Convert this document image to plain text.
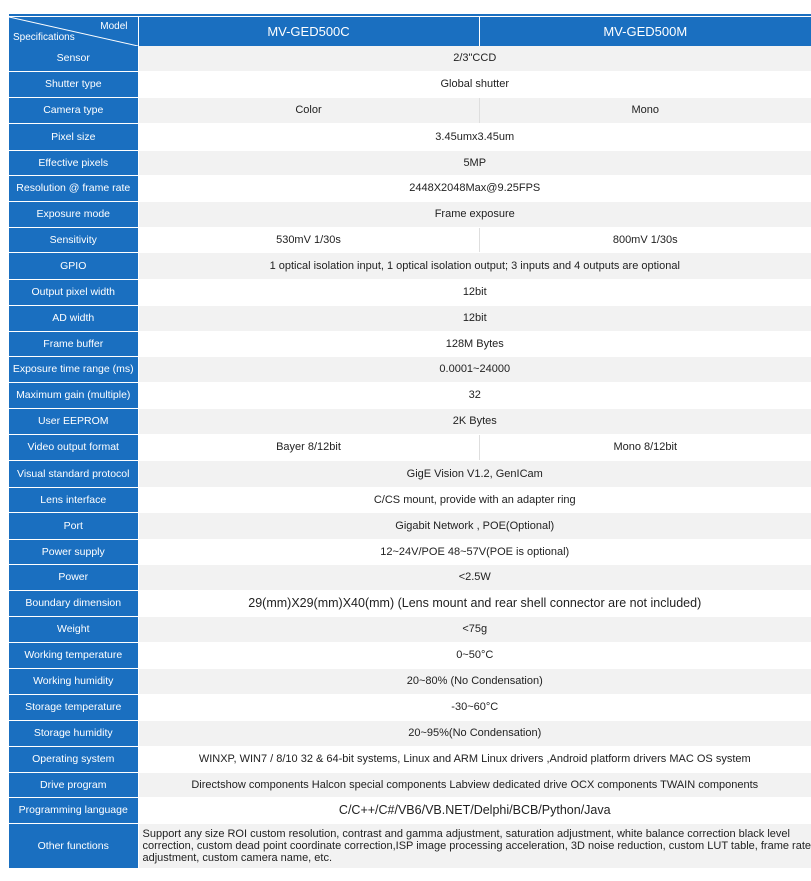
Model
Specifications	MV-GED500C	MV-GED500M
Sensor	2/3"CCD	
Shutter type	Global shutter	
Camera type	Color	Mono
Pixel size	3.45umx3.45um	
Effective pixels	5MP	
Resolution @ frame rate	2448X2048Max@9.25FPS	
Exposure mode	Frame exposure	
Sensitivity	530mV 1/30s	800mV 1/30s
GPIO	1 optical isolation input, 1 optical isolation output; 3 inputs and 4 outputs are optional	
Output pixel width	12bit	
AD width	12bit	
Frame buffer	128M Bytes	
Exposure time range (ms)	0.0001~24000	
Maximum gain (multiple)	32	
User EEPROM	2K Bytes	
Video output format	Bayer 8/12bit	Mono 8/12bit
Visual standard protocol	GigE Vision V1.2, GenICam	
Lens interface	C/CS mount, provide with an adapter ring	
Port	Gigabit Network , POE(Optional)	
Power supply	12~24V/POE 48~57V(POE is optional)	
Power	<2.5W	
Boundary dimension	29(mm)X29(mm)X40(mm) (Lens mount and rear shell connector are not included)	
Weight	<75g	
Working temperature	0~50°C	
Working humidity	20~80% (No Condensation)	
Storage temperature	-30~60°C	
Storage humidity	20~95%(No Condensation)	
Operating system	WINXP, WIN7 / 8/10 32 & 64-bit systems, Linux and ARM Linux drivers ,Android platform drivers MAC OS system	
Drive program	Directshow components Halcon special components Labview dedicated drive OCX components TWAIN components	
Programming language	C/C++/C#/VB6/VB.NET/Delphi/BCB/Python/Java	
Other functions	Support any size ROI custom resolution, contrast and gamma adjustment, saturation adjustment, white balance correction black level correction, custom dead point coordinate correction,ISP image processing acceleration, 3D noise reduction, custom LUT table, frame rate adjustment, custom camera name, etc.	
